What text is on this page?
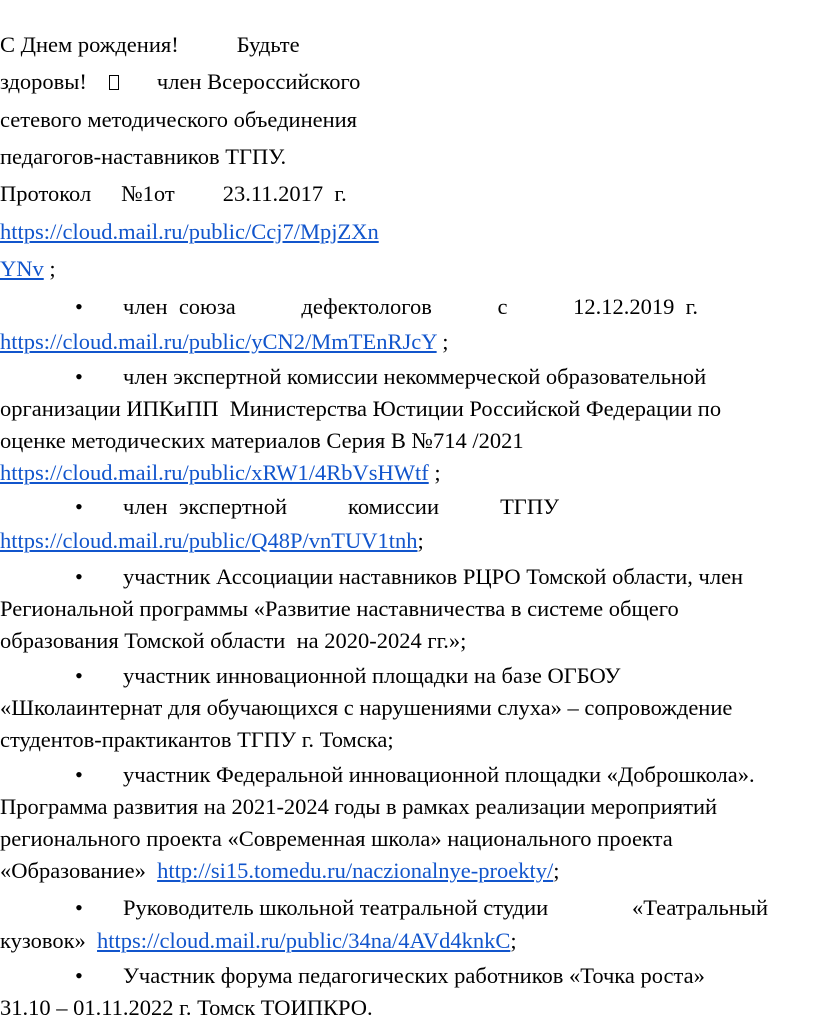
С Днем рождения!	Будьте
здоровы!	член Всероссийского
сетевого методического объединения
педагогов-наставников ТГПУ.
Протокол №1от 23.11.2017  г.
https://cloud.mail.ru/public/Ccj7/MpjZXn
YNv ;
• член  союза	дефектологов	с	12.12.2019  г.
https://cloud.mail.ru/public/yCN2/MmTEnRJcY ;
• член экспертной комиссии некоммерческой образовательной
организации ИПКиПП  Министерства Юстиции Российской Федерации по
оценке методических материалов Серия В №714 /2021
https://cloud.mail.ru/public/xRW1/4RbVsHWtf ;
• член  экспертной	комиссии	ТГПУ
https://cloud.mail.ru/public/Q48P/vnTUV1tnh;
• участник Ассоциации наставников РЦРО Томской области, член
Региональной программы «Развитие наставничества в системе общего
образования Томской области  на 2020-2024 гг.»;
• участник инновационной площадки на базе ОГБОУ
«Школаинтернат для обучающихся с нарушениями слуха» – сопровождение
студентов-практикантов ТГПУ г. Томска;
• участник Федеральной инновационной площадки «Доброшкола».
Программа развития на 2021-2024 годы в рамках реализации мероприятий
регионального проекта «Современная школа» национального проекта
«Образование»  http://si15.tomedu.ru/naczionalnye-proekty/;
• Руководитель школьной театральной студии	«Театральный
кузовок»  https://cloud.mail.ru/public/34na/4AVd4knkC;
• Участник форума педагогических работников «Точка роста»
31.10 – 01.11.2022 г. Томск ТОИПКРО.
